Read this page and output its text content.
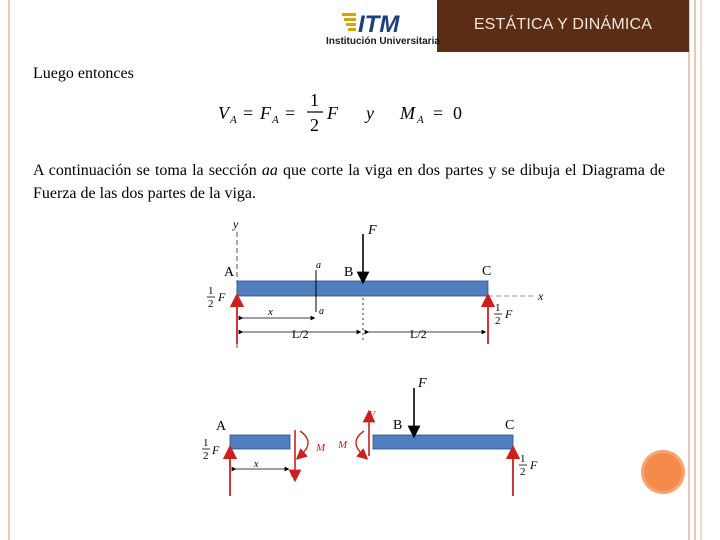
ESTÁTICA Y DINÁMICA
ITM
Institución Universitaria
Luego entonces
V A = F A =
1
2
F y M A = 0
A continuación se toma la sección aa que corte la viga en dos partes y se dibuja el Diagrama de Fuerza de las dos partes de la viga.
y
x
F
B	C
A	a
a
1
2 F
1
2 F
x
L/2	L/2
A
1
2 F
V
M
x
F
B	C
V
M
1
2 F
